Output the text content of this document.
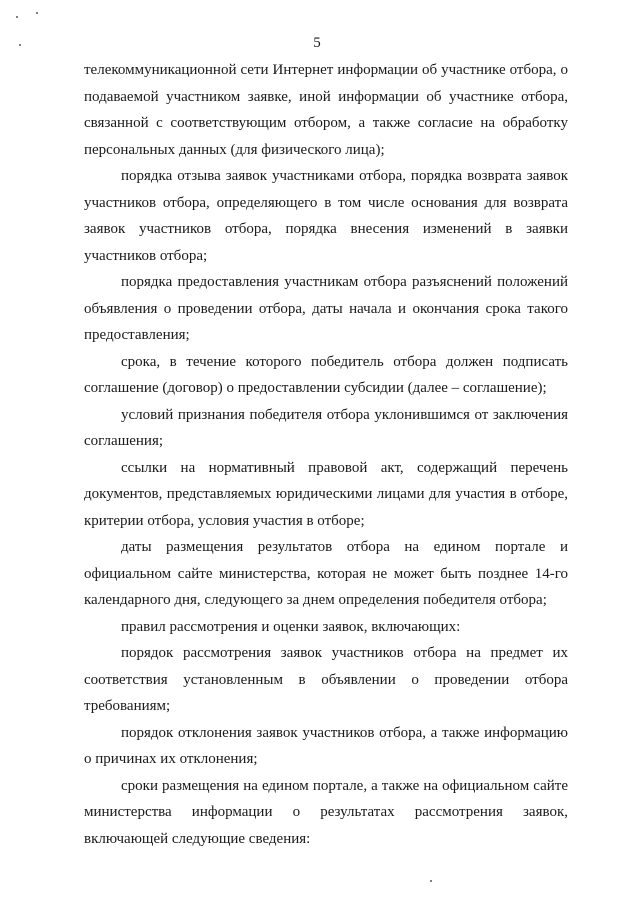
5

телекоммуникационной сети Интернет информации об участнике отбора, о подаваемой участником заявке, иной информации об участнике отбора, связанной с соответствующим отбором, а также согласие на обработку персональных данных (для физического лица);

порядка отзыва заявок участниками отбора, порядка возврата заявок участников отбора, определяющего в том числе основания для возврата заявок участников отбора, порядка внесения изменений в заявки участников отбора;

порядка предоставления участникам отбора разъяснений положений объявления о проведении отбора, даты начала и окончания срока такого предоставления;

срока, в течение которого победитель отбора должен подписать соглашение (договор) о предоставлении субсидии (далее – соглашение);

условий признания победителя отбора уклонившимся от заключения соглашения;

ссылки на нормативный правовой акт, содержащий перечень документов, представляемых юридическими лицами для участия в отборе, критерии отбора, условия участия в отборе;

даты размещения результатов отбора на едином портале и официальном сайте министерства, которая не может быть позднее 14-го календарного дня, следующего за днем определения победителя отбора;

правил рассмотрения и оценки заявок, включающих:

порядок рассмотрения заявок участников отбора на предмет их соответствия установленным в объявлении о проведении отбора требованиям;

порядок отклонения заявок участников отбора, а также информацию о причинах их отклонения;

сроки размещения на едином портале, а также на официальном сайте министерства информации о результатах рассмотрения заявок, включающей следующие сведения:
